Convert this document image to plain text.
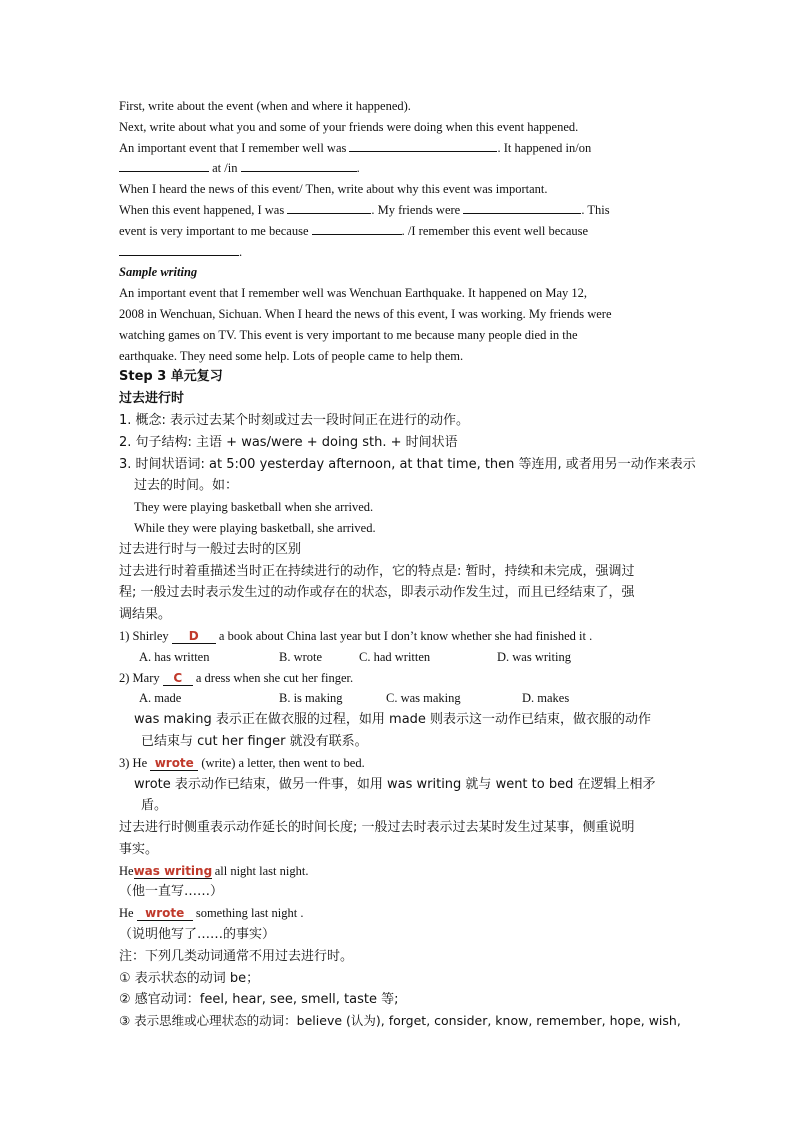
First, write about the event (when and where it happened).
Next, write about what you and some of your friends were doing when this event happened.
An important event that I remember well was	. It happened in/on
at /in	.
When I heard the news of this event/ Then, write about why this event was important.
When this event happened, I was	. My friends were	. This
event is very important to me because	. /I remember this event well because
.
Sample writing
An important event that I remember well was Wenchuan Earthquake. It happened on May 12,
2008 in Wenchuan, Sichuan. When I heard the news of this event, I was working. My friends were
watching games on TV. This event is very important to me because many people died in the
earthquake. They need some help. Lots of people came to help them.
Step 3 单元复习
过去进行时
1. 概念: 表示过去某个时刻或过去一段时间正在进行的动作。
2. 句子结构: 主语 + was/were + doing sth. + 时间状语
3. 时间状语词: at 5:00 yesterday afternoon, at that time, then 等连用, 或者用另一动作来表示
过去的时间。如：
They were playing basketball when she arrived.
While they were playing basketball, she arrived.
过去进行时与一般过去时的区别
过去进行时着重描述当时正在持续进行的动作，它的特点是: 暂时，持续和未完成，强调过
程; 一般过去时表示发生过的动作或存在的状态，即表示动作发生过，而且已经结束了，强
调结果。
1) Shirley D a book about China last year but I don’t know whether she had finished it .
A. has written	B. wrote	C. had written	D. was writing
2) Mary C a dress when she cut her finger.
A. made	B. is making	C. was making	D. makes
was making 表示正在做衣服的过程，如用 made 则表示这一动作已结束，做衣服的动作
已结束与 cut her finger 就没有联系。
3) He wrote (write) a letter, then went to bed.
wrote 表示动作已结束，做另一件事，如用 was writing 就与 went to bed 在逻辑上相矛
盾。
过去进行时侧重表示动作延长的时间长度; 一般过去时表示过去某时发生过某事，侧重说明
事实。
Hewas writing all night last night.
（他一直写……）
He wrote something last night .
（说明他写了……的事实）
注：下列几类动词通常不用过去进行时。
① 表示状态的动词 be；
② 感官动词：feel, hear, see, smell, taste 等;
③ 表示思维或心理状态的动词：believe (认为), forget, consider, know, remember, hope, wish,
